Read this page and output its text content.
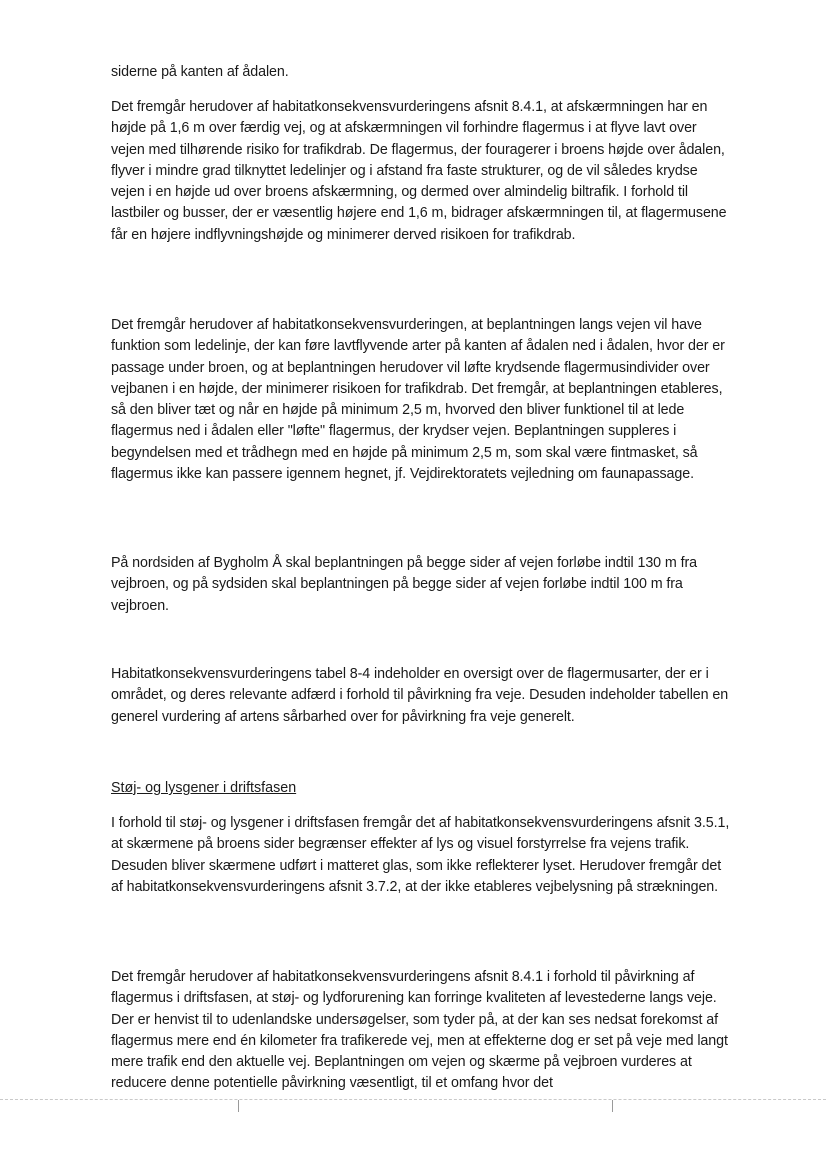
siderne på kanten af ådalen.

Det fremgår herudover af habitatkonsekvensvurderingens afsnit 8.4.1, at afskærmningen har en højde på 1,6 m over færdig vej, og at afskærmningen vil forhindre flagermus i at flyve lavt over vejen med tilhørende risiko for trafikdrab. De flagermus, der fouragerer i broens højde over ådalen, flyver i mindre grad tilknyttet ledelinjer og i afstand fra faste strukturer, og de vil således krydse vejen i en højde ud over broens afskærmning, og dermed over almindelig biltrafik. I forhold til lastbiler og busser, der er væsentlig højere end 1,6 m, bidrager afskærmningen til, at flagermusene får en højere indflyvningshøjde og minimerer derved risikoen for trafikdrab.

Det fremgår herudover af habitatkonsekvensvurderingen, at beplantningen langs vejen vil have funktion som ledelinje, der kan føre lavtflyvende arter på kanten af ådalen ned i ådalen, hvor der er passage under broen, og at beplantningen herudover vil løfte krydsende flagermusindivider over vejbanen i en højde, der minimerer risikoen for trafikdrab. Det fremgår, at beplantningen etableres, så den bliver tæt og når en højde på minimum 2,5 m, hvorved den bliver funktionel til at lede flagermus ned i ådalen eller "løfte" flagermus, der krydser vejen. Beplantningen suppleres i begyndelsen med et trådhegn med en højde på minimum 2,5 m, som skal være fintmasket, så flagermus ikke kan passere igennem hegnet, jf. Vejdirektoratets vejledning om faunapassage.

På nordsiden af Bygholm Å skal beplantningen på begge sider af vejen forløbe indtil 130 m fra vejbroen, og på sydsiden skal beplantningen på begge sider af vejen forløbe indtil 100 m fra vejbroen.

Habitatkonsekvensvurderingens tabel 8-4 indeholder en oversigt over de flagermusarter, der er i området, og deres relevante adfærd i forhold til påvirkning fra veje. Desuden indeholder tabellen en generel vurdering af artens sårbarhed over for påvirkning fra veje generelt.

Støj- og lysgener i driftsfasen

I forhold til støj- og lysgener i driftsfasen fremgår det af habitatkonsekvensvurderingens afsnit 3.5.1, at skærmene på broens sider begrænser effekter af lys og visuel forstyrrelse fra vejens trafik. Desuden bliver skærmene udført i matteret glas, som ikke reflekterer lyset. Herudover fremgår det af habitatkonsekvensvurderingens afsnit 3.7.2, at der ikke etableres vejbelysning på strækningen.

Det fremgår herudover af habitatkonsekvensvurderingens afsnit 8.4.1 i forhold til påvirkning af flagermus i driftsfasen, at støj- og lydforurening kan forringe kvaliteten af levestederne langs veje. Der er henvist til to udenlandske undersøgelser, som tyder på, at der kan ses nedsat forekomst af flagermus mere end én kilometer fra trafikerede vej, men at effekterne dog er set på veje med langt mere trafik end den aktuelle vej. Beplantningen om vejen og skærme på vejbroen vurderes at reducere denne potentielle påvirkning væsentligt, til et omfang hvor det
